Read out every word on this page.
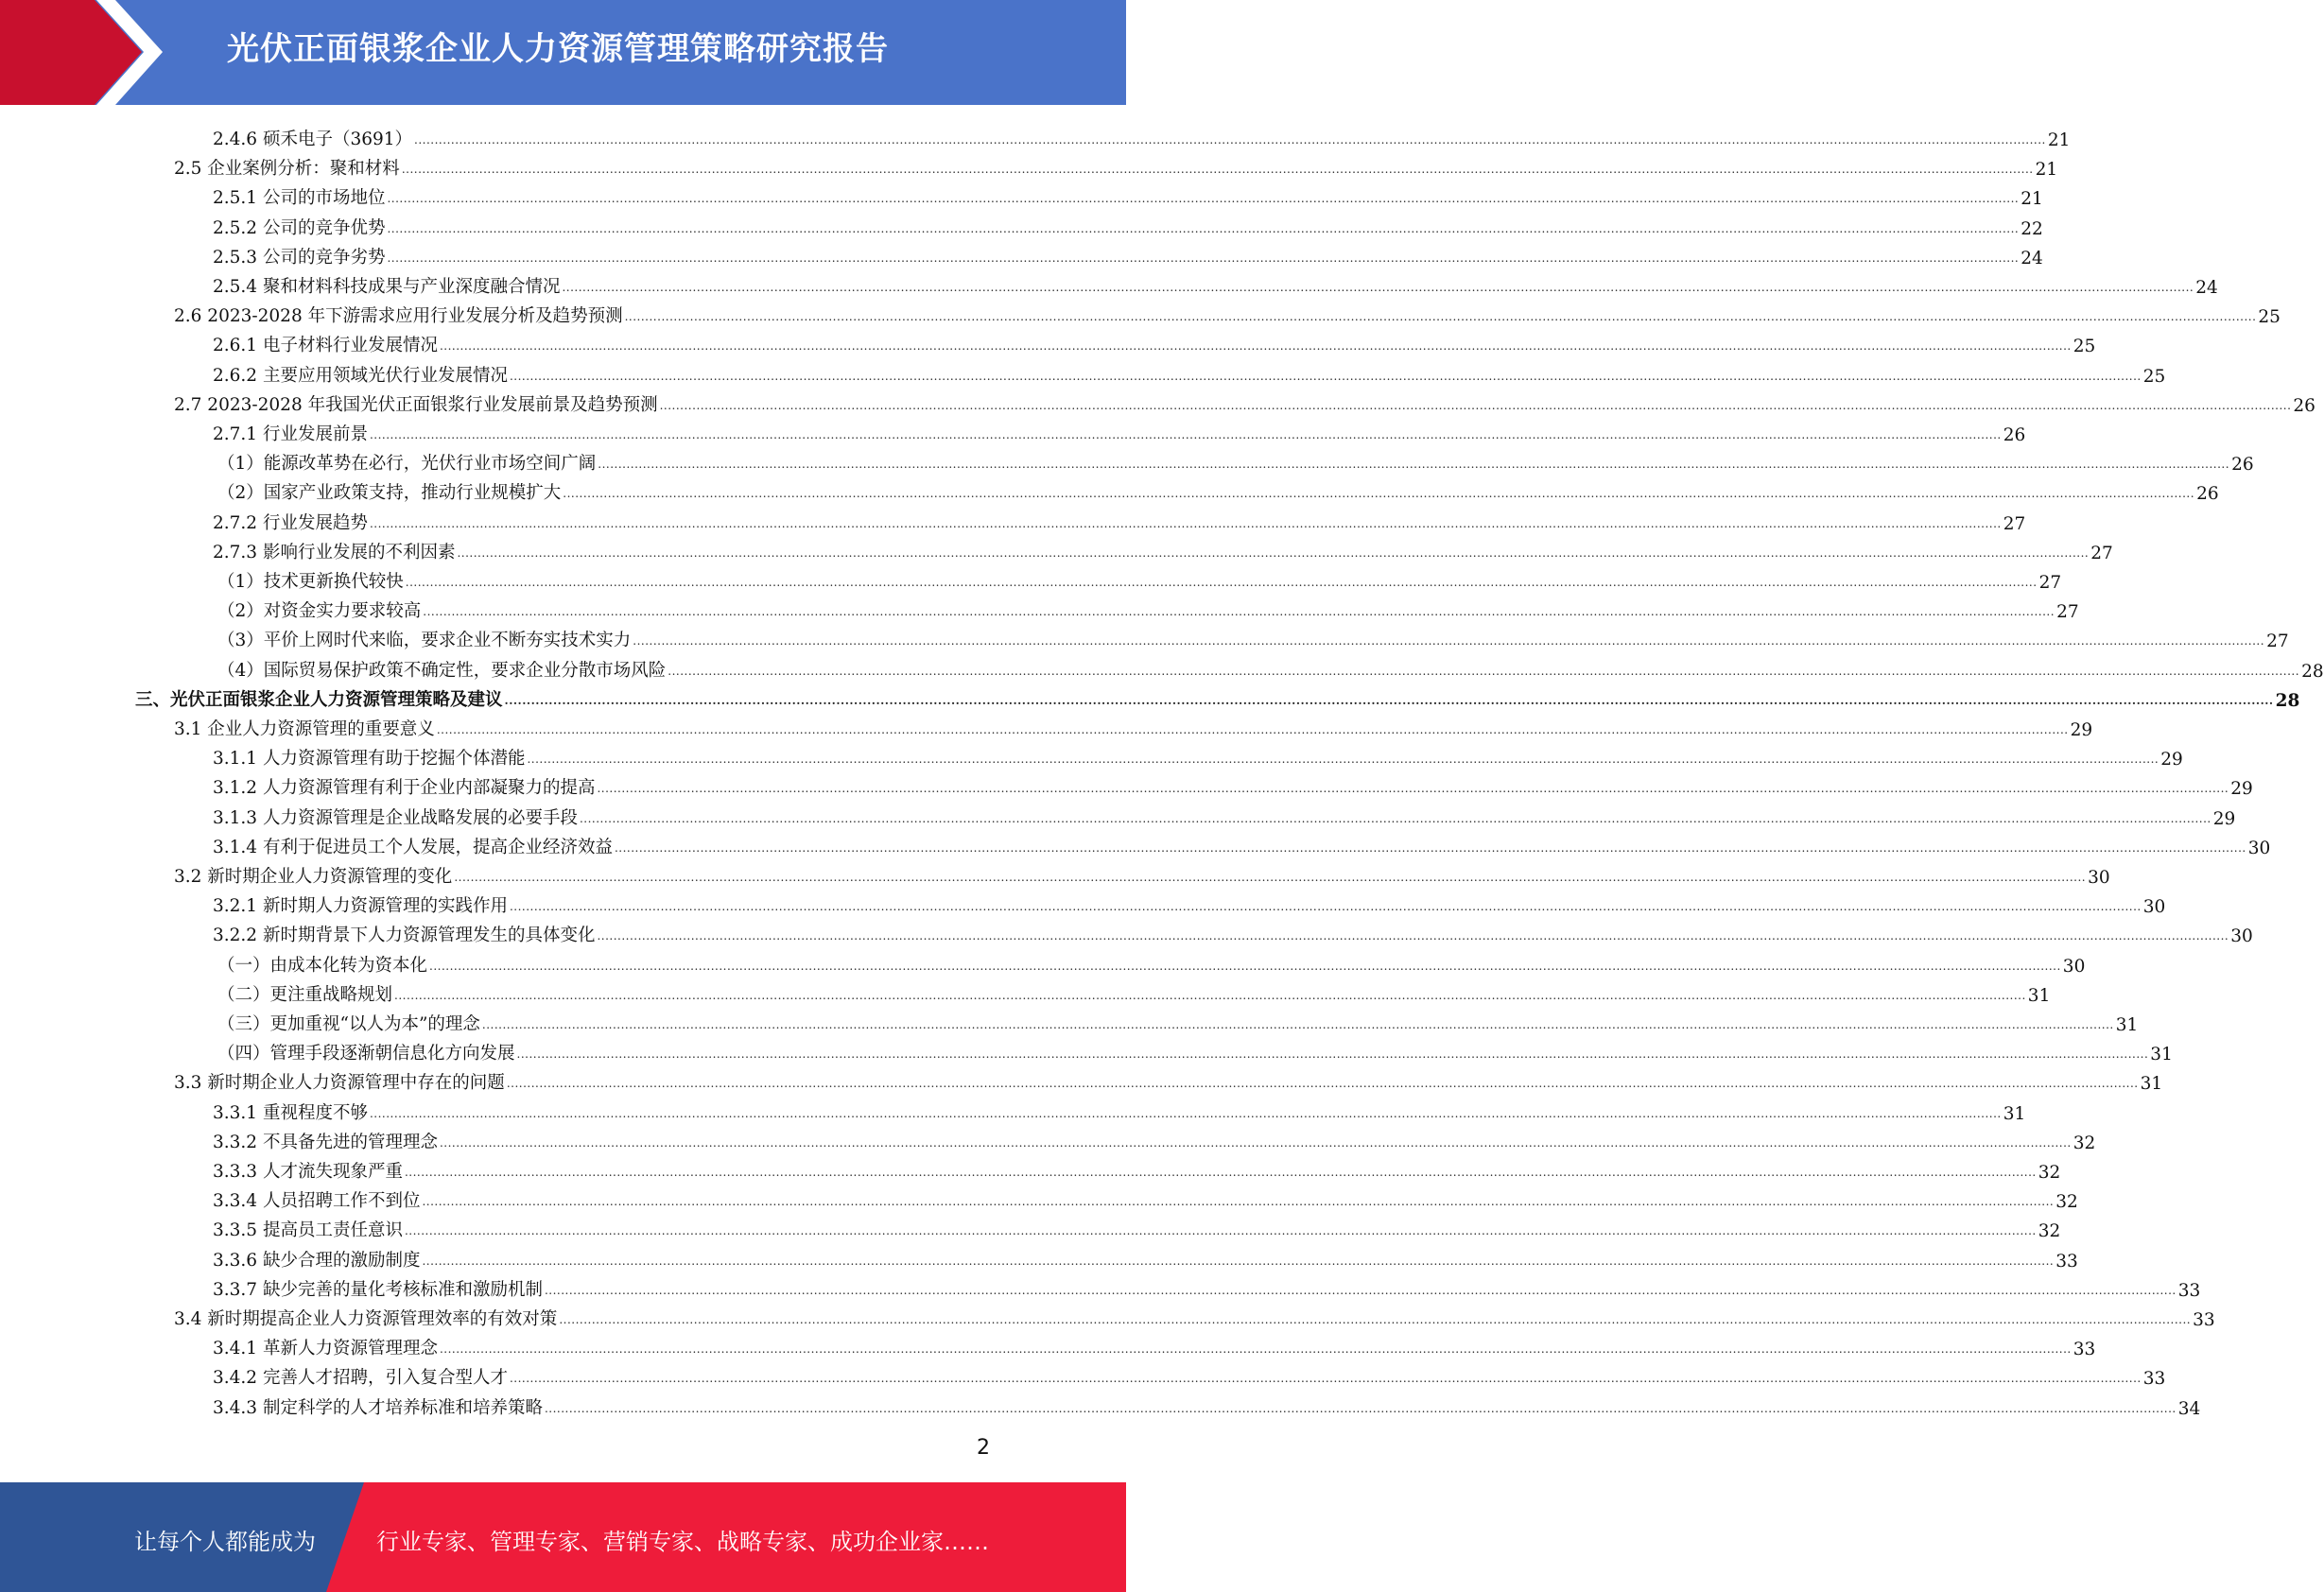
光伏正面银浆企业人力资源管理策略研究报告
2.4.6 硕禾电子（3691） ................................................................................................................................................................................................................................................................................................................................................................................................................ 21
2.5 企业案例分析：聚和材料 ................................................................................................................................................................................................................................................................................................................................................................................................................ 21
2.5.1 公司的市场地位 ................................................................................................................................................................................................................................................................................................................................................................................................................ 21
2.5.2 公司的竞争优势 ................................................................................................................................................................................................................................................................................................................................................................................................................ 22
2.5.3 公司的竞争劣势 ................................................................................................................................................................................................................................................................................................................................................................................................................ 24
2.5.4 聚和材料科技成果与产业深度融合情况 ................................................................................................................................................................................................................................................................................................................................................................................................................ 24
2.6 2023-2028 年下游需求应用行业发展分析及趋势预测 ................................................................................................................................................................................................................................................................................................................................................................................................................ 25
2.6.1 电子材料行业发展情况 ................................................................................................................................................................................................................................................................................................................................................................................................................ 25
2.6.2 主要应用领域光伏行业发展情况 ................................................................................................................................................................................................................................................................................................................................................................................................................ 25
2.7 2023-2028 年我国光伏正面银浆行业发展前景及趋势预测 ................................................................................................................................................................................................................................................................................................................................................................................................................ 26
2.7.1 行业发展前景 ................................................................................................................................................................................................................................................................................................................................................................................................................ 26
（1）能源改革势在必行，光伏行业市场空间广阔 ................................................................................................................................................................................................................................................................................................................................................................................................................ 26
（2）国家产业政策支持，推动行业规模扩大 ................................................................................................................................................................................................................................................................................................................................................................................................................ 26
2.7.2 行业发展趋势 ................................................................................................................................................................................................................................................................................................................................................................................................................ 27
2.7.3 影响行业发展的不利因素 ................................................................................................................................................................................................................................................................................................................................................................................................................ 27
（1）技术更新换代较快 ................................................................................................................................................................................................................................................................................................................................................................................................................ 27
（2）对资金实力要求较高 ................................................................................................................................................................................................................................................................................................................................................................................................................ 27
（3）平价上网时代来临，要求企业不断夯实技术实力 ................................................................................................................................................................................................................................................................................................................................................................................................................ 27
（4）国际贸易保护政策不确定性，要求企业分散市场风险 ................................................................................................................................................................................................................................................................................................................................................................................................................ 28
三、光伏正面银浆企业人力资源管理策略及建议 ................................................................................................................................................................................................................................................................................................................................................................................................................ 28
3.1 企业人力资源管理的重要意义 ................................................................................................................................................................................................................................................................................................................................................................................................................ 29
3.1.1 人力资源管理有助于挖掘个体潜能 ................................................................................................................................................................................................................................................................................................................................................................................................................ 29
3.1.2 人力资源管理有利于企业内部凝聚力的提高 ................................................................................................................................................................................................................................................................................................................................................................................................................ 29
3.1.3 人力资源管理是企业战略发展的必要手段 ................................................................................................................................................................................................................................................................................................................................................................................................................ 29
3.1.4 有利于促进员工个人发展，提高企业经济效益 ................................................................................................................................................................................................................................................................................................................................................................................................................ 30
3.2 新时期企业人力资源管理的变化 ................................................................................................................................................................................................................................................................................................................................................................................................................ 30
3.2.1 新时期人力资源管理的实践作用 ................................................................................................................................................................................................................................................................................................................................................................................................................ 30
3.2.2 新时期背景下人力资源管理发生的具体变化 ................................................................................................................................................................................................................................................................................................................................................................................................................ 30
（一）由成本化转为资本化 ................................................................................................................................................................................................................................................................................................................................................................................................................ 30
（二）更注重战略规划 ................................................................................................................................................................................................................................................................................................................................................................................................................ 31
（三）更加重视“以人为本”的理念 ................................................................................................................................................................................................................................................................................................................................................................................................................ 31
（四）管理手段逐渐朝信息化方向发展 ................................................................................................................................................................................................................................................................................................................................................................................................................ 31
3.3 新时期企业人力资源管理中存在的问题 ................................................................................................................................................................................................................................................................................................................................................................................................................ 31
3.3.1 重视程度不够 ................................................................................................................................................................................................................................................................................................................................................................................................................ 31
3.3.2 不具备先进的管理理念 ................................................................................................................................................................................................................................................................................................................................................................................................................ 32
3.3.3 人才流失现象严重 ................................................................................................................................................................................................................................................................................................................................................................................................................ 32
3.3.4 人员招聘工作不到位 ................................................................................................................................................................................................................................................................................................................................................................................................................ 32
3.3.5 提高员工责任意识 ................................................................................................................................................................................................................................................................................................................................................................................................................ 32
3.3.6 缺少合理的激励制度 ................................................................................................................................................................................................................................................................................................................................................................................................................ 33
3.3.7 缺少完善的量化考核标准和激励机制 ................................................................................................................................................................................................................................................................................................................................................................................................................ 33
3.4 新时期提高企业人力资源管理效率的有效对策 ................................................................................................................................................................................................................................................................................................................................................................................................................ 33
3.4.1 革新人力资源管理理念 ................................................................................................................................................................................................................................................................................................................................................................................................................ 33
3.4.2 完善人才招聘，引入复合型人才 ................................................................................................................................................................................................................................................................................................................................................................................................................ 33
3.4.3 制定科学的人才培养标准和培养策略 ................................................................................................................................................................................................................................................................................................................................................................................................................ 34
2
让每个人都能成为	行业专家、管理专家、营销专家、战略专家、成功企业家……
